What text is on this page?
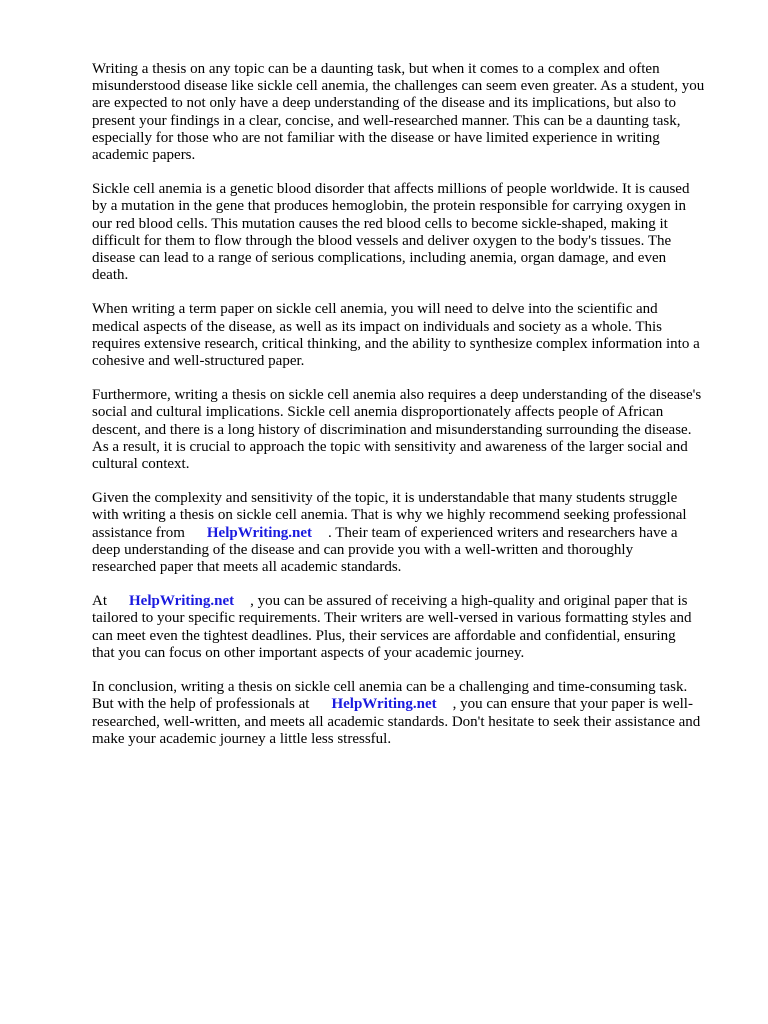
Writing a thesis on any topic can be a daunting task, but when it comes to a complex and often
misunderstood disease like sickle cell anemia, the challenges can seem even greater. As a student, you
are expected to not only have a deep understanding of the disease and its implications, but also to
present your findings in a clear, concise, and well-researched manner. This can be a daunting task,
especially for those who are not familiar with the disease or have limited experience in writing
academic papers.

Sickle cell anemia is a genetic blood disorder that affects millions of people worldwide. It is caused
by a mutation in the gene that produces hemoglobin, the protein responsible for carrying oxygen in
our red blood cells. This mutation causes the red blood cells to become sickle-shaped, making it
difficult for them to flow through the blood vessels and deliver oxygen to the body's tissues. The
disease can lead to a range of serious complications, including anemia, organ damage, and even
death.

When writing a term paper on sickle cell anemia, you will need to delve into the scientific and
medical aspects of the disease, as well as its impact on individuals and society as a whole. This
requires extensive research, critical thinking, and the ability to synthesize complex information into a
cohesive and well-structured paper.

Furthermore, writing a thesis on sickle cell anemia also requires a deep understanding of the disease's
social and cultural implications. Sickle cell anemia disproportionately affects people of African
descent, and there is a long history of discrimination and misunderstanding surrounding the disease.
As a result, it is crucial to approach the topic with sensitivity and awareness of the larger social and
cultural context.

Given the complexity and sensitivity of the topic, it is understandable that many students struggle
with writing a thesis on sickle cell anemia. That is why we highly recommend seeking professional
assistance from HelpWriting.net . Their team of experienced writers and researchers have a
deep understanding of the disease and can provide you with a well-written and thoroughly
researched paper that meets all academic standards.

At HelpWriting.net , you can be assured of receiving a high-quality and original paper that is
tailored to your specific requirements. Their writers are well-versed in various formatting styles and
can meet even the tightest deadlines. Plus, their services are affordable and confidential, ensuring
that you can focus on other important aspects of your academic journey.

In conclusion, writing a thesis on sickle cell anemia can be a challenging and time-consuming task.
But with the help of professionals at HelpWriting.net , you can ensure that your paper is well-
researched, well-written, and meets all academic standards. Don't hesitate to seek their assistance and
make your academic journey a little less stressful.
